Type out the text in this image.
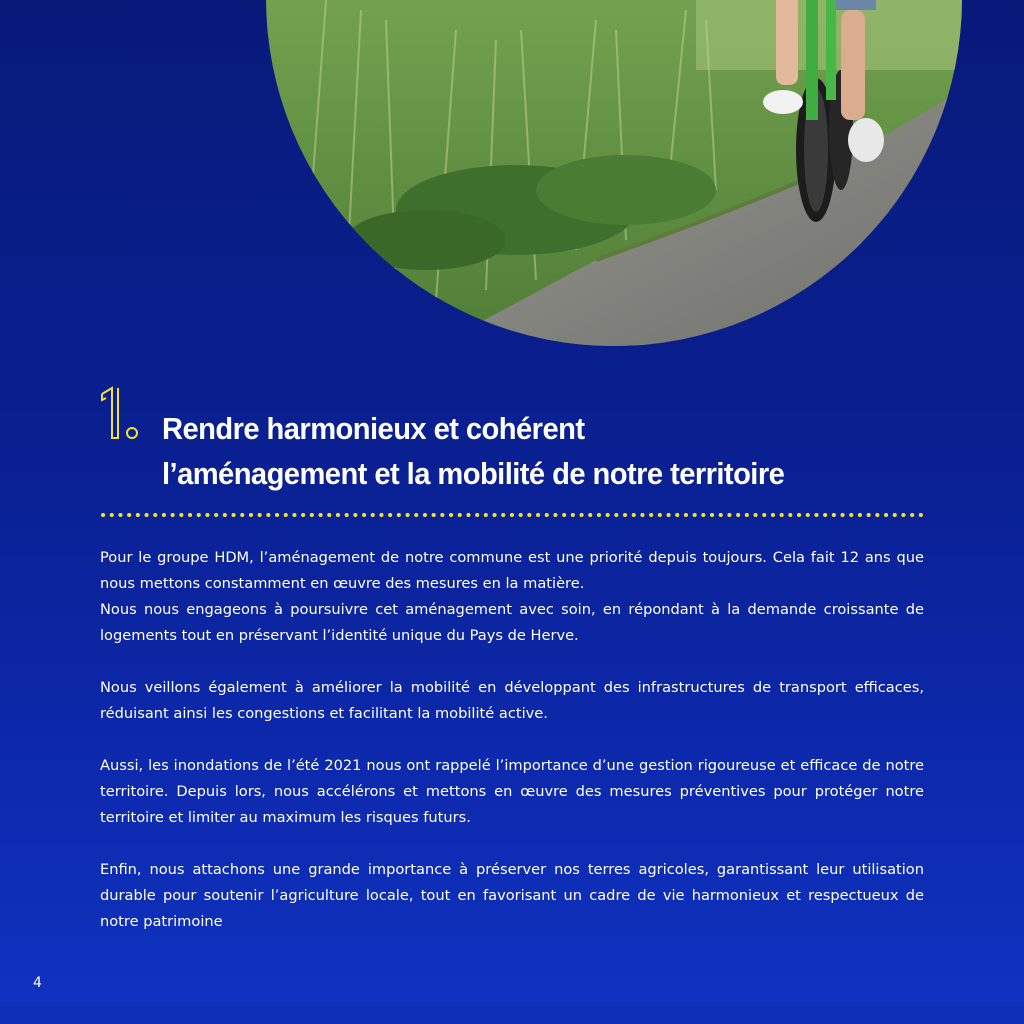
Rendre harmonieux et cohérent
l’aménagement et la mobilité de notre territoire

Pour le groupe HDM, l’aménagement de notre commune est une priorité depuis toujours. Cela fait 12 ans que nous mettons constamment en œuvre des mesures en la matière.
Nous nous engageons à poursuivre cet aménagement avec soin, en répondant à la demande croissante de logements tout en préservant l’identité unique du Pays de Herve.

Nous veillons également à améliorer la mobilité en développant des infrastructures de transport efficaces, réduisant ainsi les congestions et facilitant la mobilité active.

Aussi, les inondations de l’été 2021 nous ont rappelé l’importance d’une gestion rigoureuse et efficace de notre territoire. Depuis lors, nous accélérons et mettons en œuvre des mesures préventives pour protéger notre territoire et limiter au maximum les risques futurs.

Enfin, nous attachons une grande importance à préserver nos terres agricoles, garantissant leur utilisation durable pour soutenir l’agriculture locale, tout en favorisant un cadre de vie harmonieux et respectueux de notre patrimoine

4
